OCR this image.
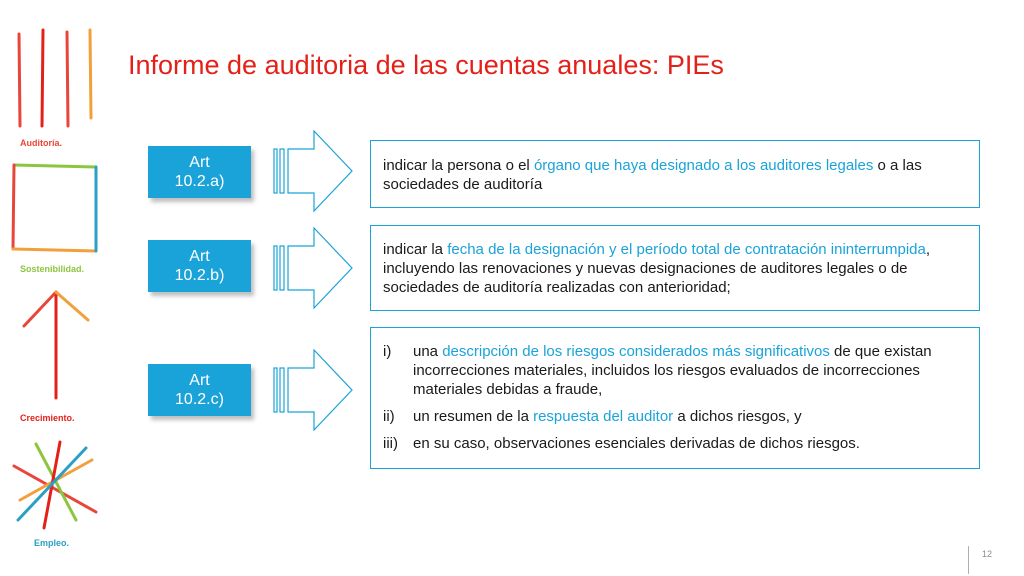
Auditoría.
Sostenibilidad.
Crecimiento.
Empleo.
Informe de auditoria de las cuentas anuales: PIEs
Art
10.2.a)
indicar la persona o el órgano que haya designado a los auditores legales o a las sociedades de auditoría
Art
10.2.b)
indicar la fecha de la designación y el período total de contratación ininterrumpida, incluyendo las renovaciones y nuevas designaciones de auditores legales o de sociedades de auditoría realizadas con anterioridad;
Art
10.2.c)
i)	una descripción de los riesgos considerados más significativos de que existan incorrecciones materiales, incluidos los riesgos evaluados de incorrecciones materiales debidas a fraude,
ii)	un resumen de la respuesta del auditor a dichos riesgos, y
iii)	en su caso, observaciones esenciales derivadas de dichos riesgos.
12
